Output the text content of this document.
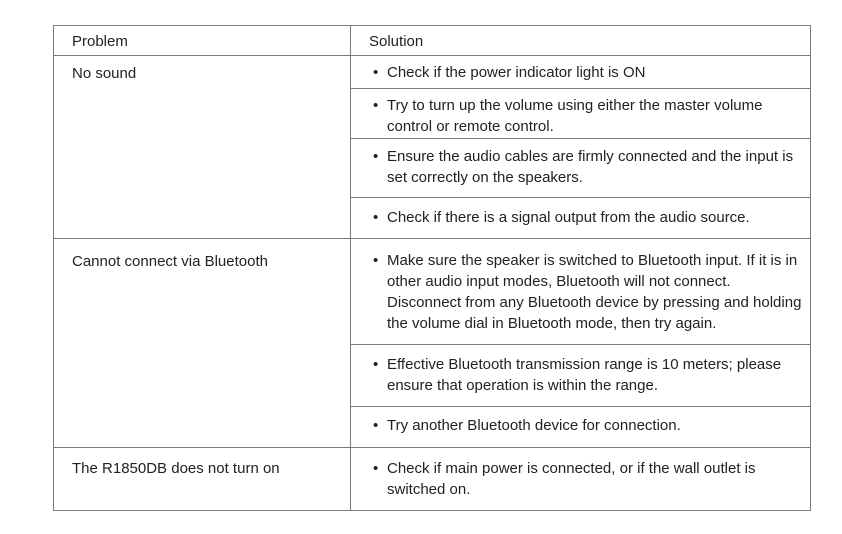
Problem	Solution

No sound	• Check if the power indicator light is ON

	• Try to turn up the volume using either the master volume control or remote control.

	• Ensure the audio cables are firmly connected and the input is set correctly on the speakers.

	• Check if there is a signal output from the audio source.

Cannot connect via Bluetooth	• Make sure the speaker is switched to Bluetooth input. If it is in other audio input modes, Bluetooth will not connect. Disconnect from any Bluetooth device by pressing and holding the volume dial in Bluetooth mode, then try again.

	• Effective Bluetooth transmission range is 10 meters; please ensure that operation is within the range.

	• Try another Bluetooth device for connection.

The R1850DB does not turn on	• Check if main power is connected, or if the wall outlet is switched on.
